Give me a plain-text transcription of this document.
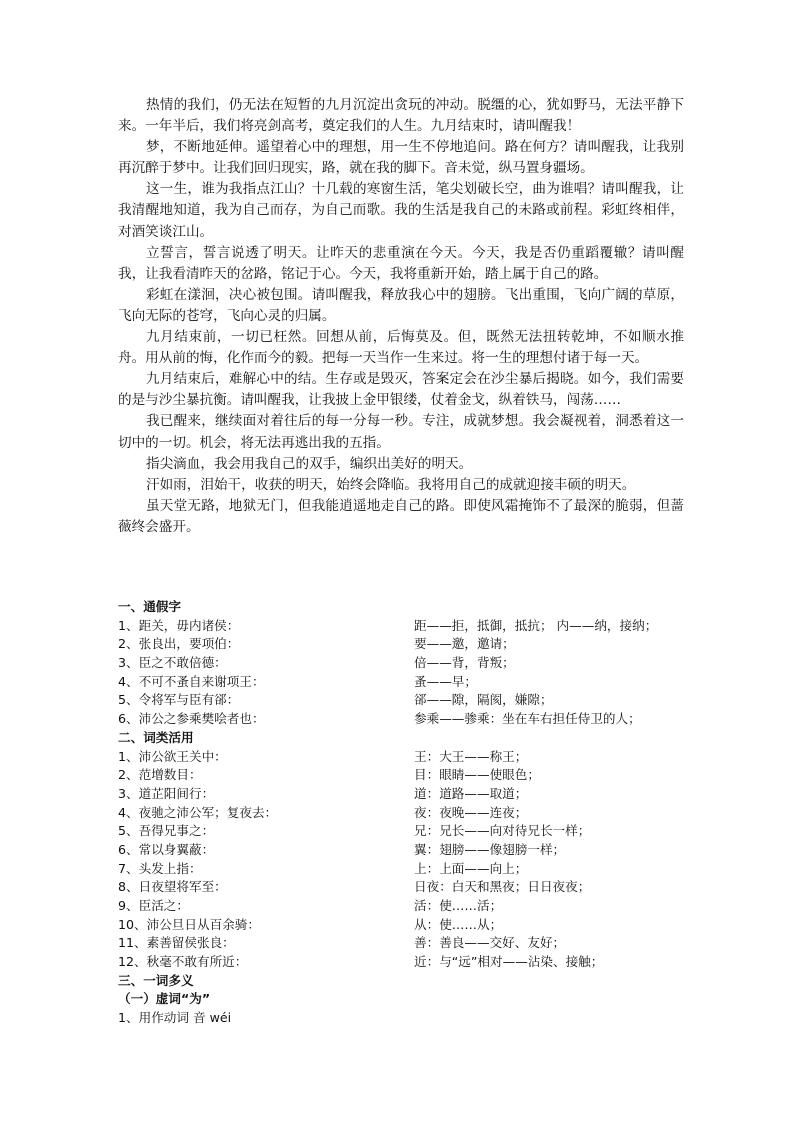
热情的我们，仍无法在短暂的九月沉淀出贪玩的冲动。脱缰的心，犹如野马，无法平静下来。一年半后，我们将亮剑高考，奠定我们的人生。九月结束时，请叫醒我！

梦，不断地延伸。遥望着心中的理想，用一生不停地追问。路在何方？请叫醒我，让我别再沉醉于梦中。让我们回归现实，路，就在我的脚下。音未觉，纵马置身疆场。

这一生，谁为我指点江山？十几载的寒窗生活，笔尖划破长空，曲为谁唱？请叫醒我，让我清醒地知道，我为自己而存，为自己而歌。我的生活是我自己的未路或前程。彩虹终相伴，对酒笑谈江山。

立誓言，誓言说透了明天。让昨天的悲重演在今天。今天，我是否仍重蹈覆辙？请叫醒我，让我看清昨天的岔路，铭记于心。今天，我将重新开始，踏上属于自己的路。

彩虹在漾洄，决心被包围。请叫醒我，释放我心中的翅膀。飞出重围，飞向广阔的草原，飞向无际的苍穹，飞向心灵的归属。

九月结束前，一切已枉然。回想从前，后悔莫及。但，既然无法扭转乾坤，不如顺水推舟。用从前的悔，化作而今的毅。把每一天当作一生来过。将一生的理想付诸于每一天。

九月结束后，难解心中的结。生存或是毁灭，答案定会在沙尘暴后揭晓。如今，我们需要的是与沙尘暴抗衡。请叫醒我，让我披上金甲银缕，仗着金戈，纵着铁马，闯荡……

我已醒来，继续面对着往后的每一分每一秒。专注，成就梦想。我会凝视着，洞悉着这一切中的一切。机会，将无法再逃出我的五指。

指尖滴血，我会用我自己的双手，编织出美好的明天。

汗如雨，泪始干，收获的明天，始终会降临。我将用自己的成就迎接丰硕的明天。

虽天堂无路，地狱无门，但我能逍遥地走自己的路。即使风霜掩饰不了最深的脆弱，但蔷薇终会盛开。

一、通假字
1、距关，毋内诸侯：	距——拒，抵御，抵抗； 内——纳，接纳；
2、张良出，要项伯：	要——邀，邀请；
3、臣之不敢倍德：	倍——背，背叛；
4、不可不蚤自来谢项王：	蚤——早；
5、令将军与臣有郤：	郤——隙，隔阂，嫌隙；
6、沛公之参乘樊哙者也：	参乘——骖乘：坐在车右担任侍卫的人；
二、词类活用
1、沛公欲王关中：	王：大王——称王；
2、范增数目：	目：眼睛——使眼色；
3、道芷阳间行：	道：道路——取道；
4、夜驰之沛公军；复夜去：	夜：夜晚——连夜；
5、吾得兄事之：	兄：兄长——向对待兄长一样；
6、常以身翼蔽：	翼：翅膀——像翅膀一样；
7、头发上指：	上：上面——向上；
8、日夜望将军至：	日夜：白天和黑夜；日日夜夜；
9、臣活之：	活：使……活；
10、沛公旦日从百余骑：	从：使……从；
11、素善留侯张良：	善：善良——交好、友好；
12、秋毫不敢有所近：	近：与“远”相对——沾染、接触；
三、一词多义
（一）虚词“为”
1、用作动词 音 wéi
